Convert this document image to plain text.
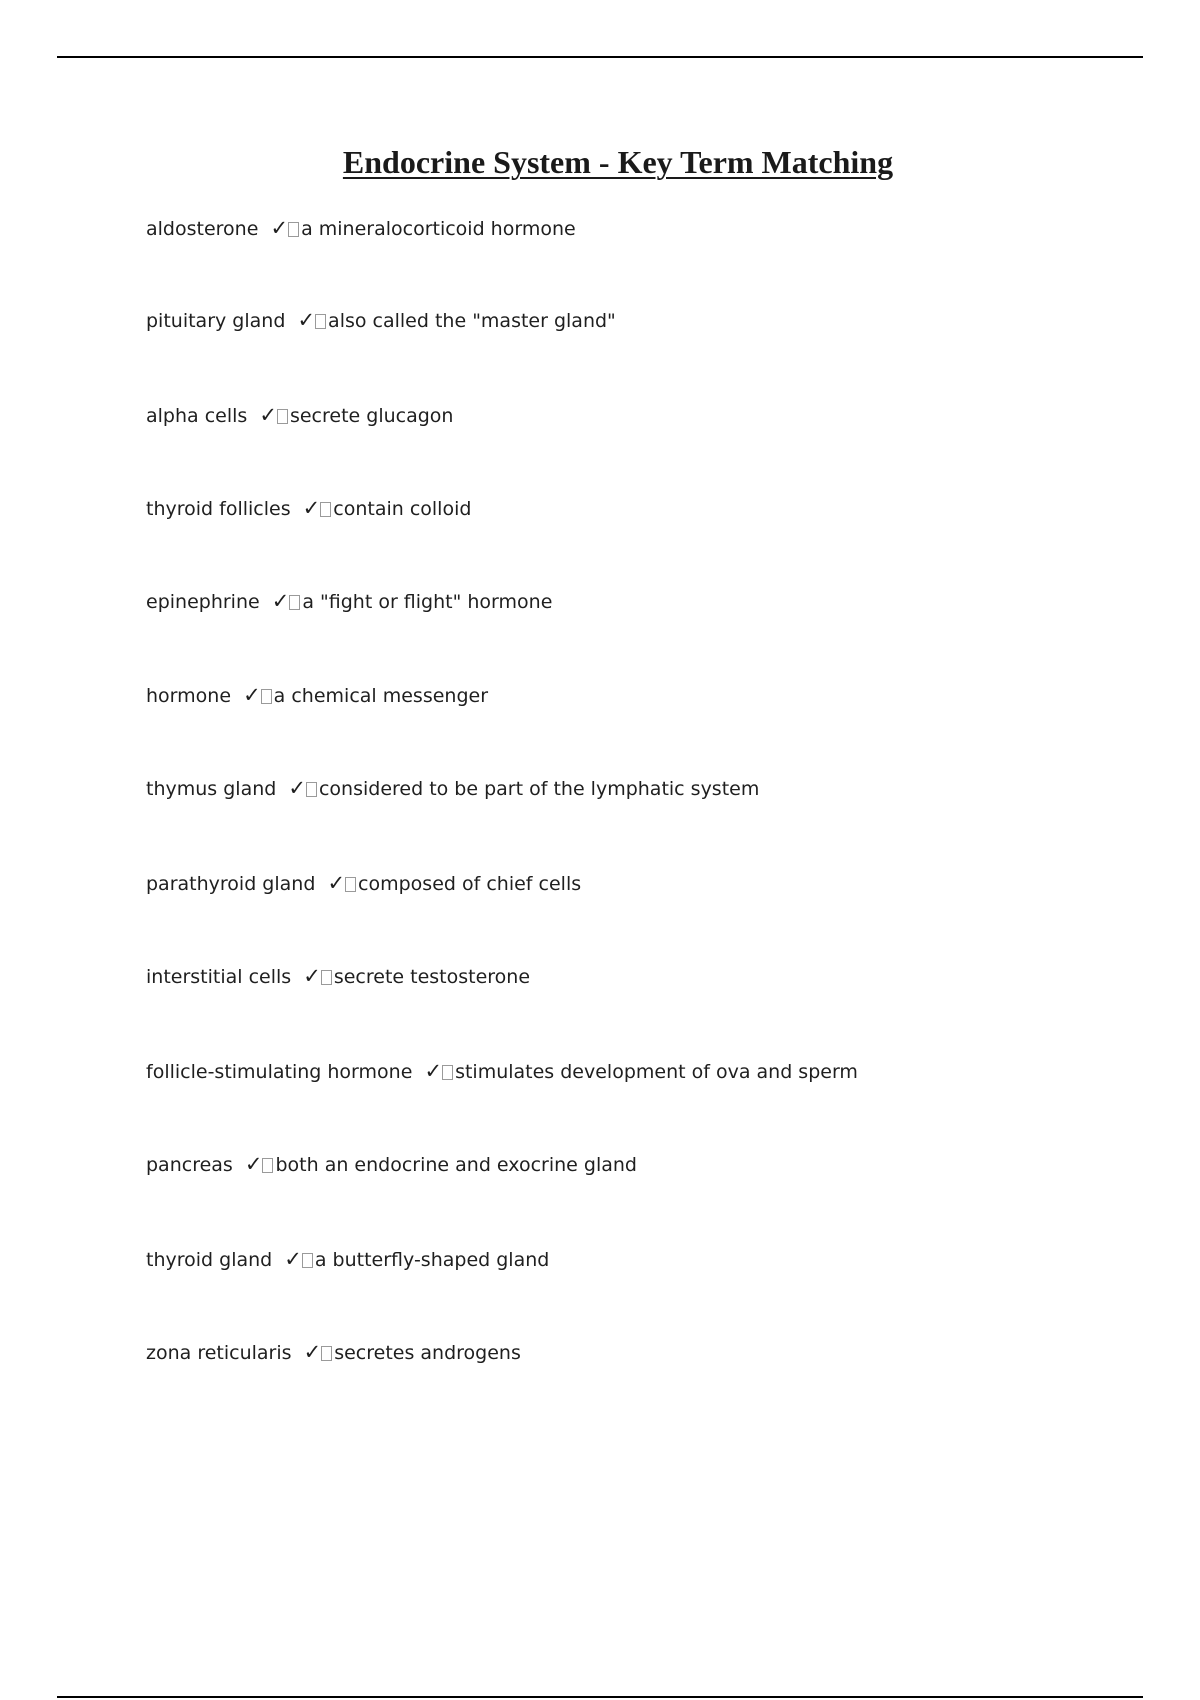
Endocrine System - Key Term Matching
aldosterone ✓ a mineralocorticoid hormone
pituitary gland ✓ also called the "master gland"
alpha cells ✓ secrete glucagon
thyroid follicles ✓ contain colloid
epinephrine ✓ a "fight or flight" hormone
hormone ✓ a chemical messenger
thymus gland ✓ considered to be part of the lymphatic system
parathyroid gland ✓ composed of chief cells
interstitial cells ✓ secrete testosterone
follicle-stimulating hormone ✓ stimulates development of ova and sperm
pancreas ✓ both an endocrine and exocrine gland
thyroid gland ✓ a butterfly-shaped gland
zona reticularis ✓ secretes androgens
